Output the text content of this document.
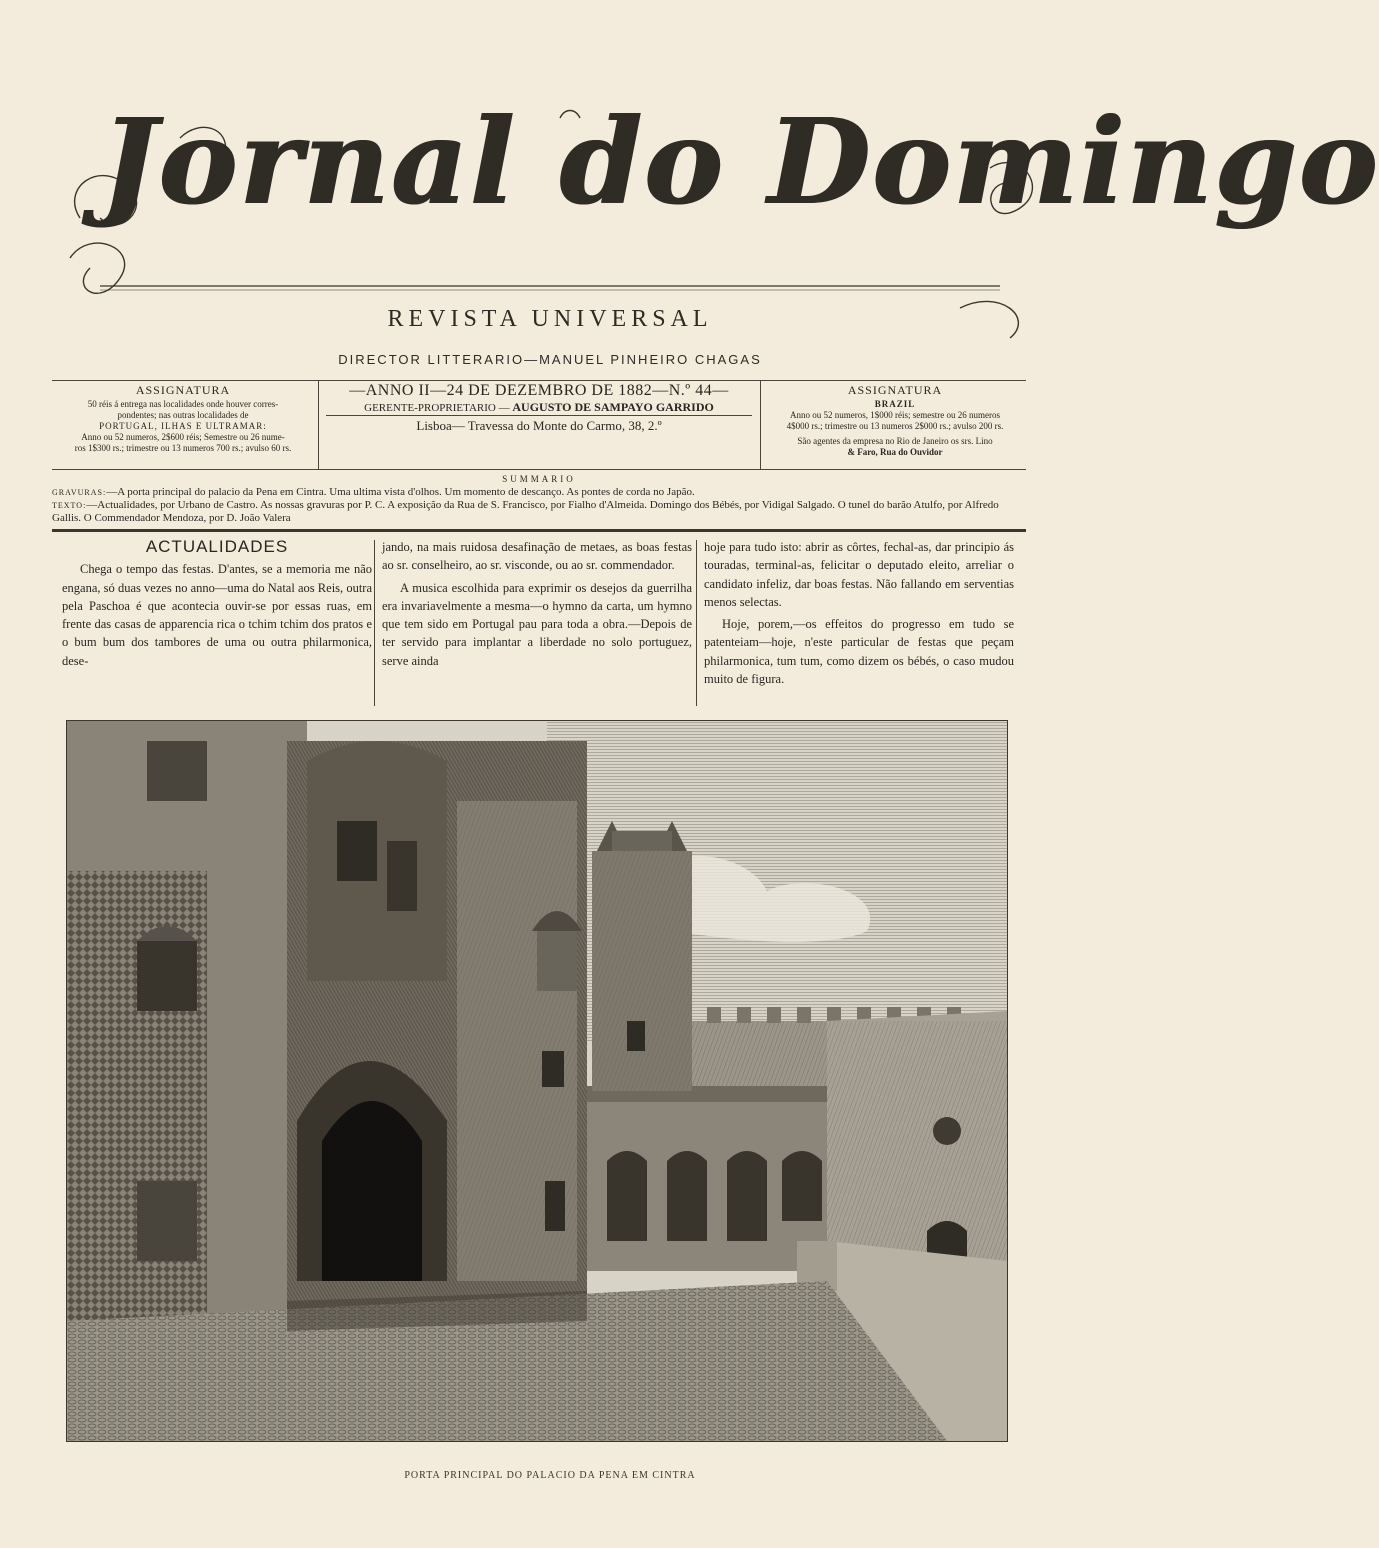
Jornal do Domingo
REVISTA UNIVERSAL
DIRECTOR LITTERARIO—MANUEL PINHEIRO CHAGAS
ASSIGNATURA
50 réis á entrega nas localidades onde houver corres-
pondentes; nas outras localidades de
PORTUGAL, ILHAS E ULTRAMAR:
Anno ou 52 numeros, 2$600 réis; Semestre ou 26 nume-
ros 1$300 rs.; trimestre ou 13 numeros 700 rs.; avulso 60 rs.
—ANNO II—24 DE DEZEMBRO DE 1882—N.º 44—
GERENTE-PROPRIETARIO — AUGUSTO DE SAMPAYO GARRIDO
Lisboa— Travessa do Monte do Carmo, 38, 2.º
ASSIGNATURA
BRAZIL
Anno ou 52 numeros, 1$000 réis; semestre ou 26 numeros
4$000 rs.; trimestre ou 13 numeros 2$000 rs.; avulso 200 rs.
São agentes da empresa no Rio de Janeiro os srs. Lino
& Faro, Rua do Ouvidor
SUMMARIO

GRAVURAS:—A porta principal do palacio da Pena em Cintra. Uma ultima vista d'olhos. Um momento de descanço. As pontes de corda no Japão.

TEXTO:—Actualidades, por Urbano de Castro. As nossas gravuras por P. C. A exposição da Rua de S. Francisco, por Fialho d'Almeida. Domingo dos Bébés, por Vidigal Salgado. O tunel do barão Atulfo, por Alfredo Gallis. O Commendador Mendoza, por D. João Valera

ACTUALIDADES

Chega o tempo das festas. D'antes, se a memoria me não engana, só duas vezes no anno—uma do Natal aos Reis, outra pela Paschoa é que acontecia ouvir-se por essas ruas, em frente das casas de apparencia rica o tchim tchim dos pratos e o bum bum dos tambores de uma ou outra philarmonica, dese-

jando, na mais ruidosa desafinação de metaes, as boas festas ao sr. conselheiro, ao sr. visconde, ou ao sr. commendador.

A musica escolhida para exprimir os desejos da guerrilha era invariavelmente a mesma—o hymno da carta, um hymno que tem sido em Portugal pau para toda a obra.—Depois de ter servido para implantar a liberdade no solo portuguez, serve ainda

hoje para tudo isto: abrir as côrtes, fechal-as, dar principio ás touradas, terminal-as, felicitar o deputado eleito, arreliar o candidato infeliz, dar boas festas. Não fallando em serventias menos selectas.

Hoje, porem,—os effeitos do progresso em tudo se patenteiam—hoje, n'este particular de festas que peçam philarmonica, tum tum, como dizem os bébés, o caso mudou muito de figura.

PORTA PRINCIPAL DO PALACIO DA PENA EM CINTRA
